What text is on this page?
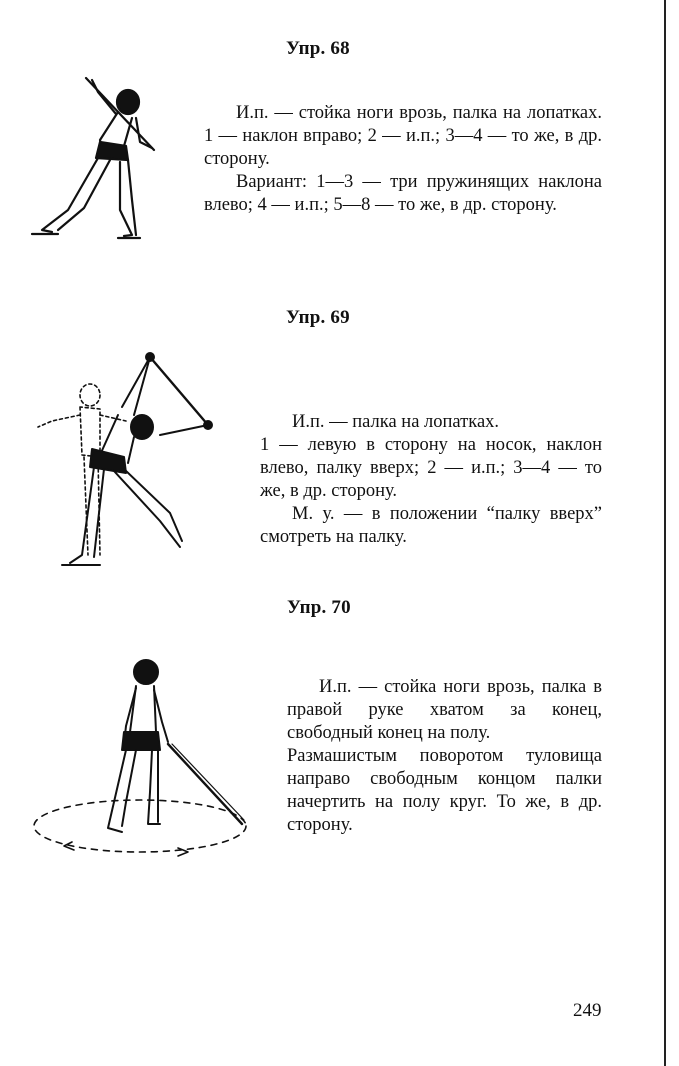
Упр. 68

И.п. — стойка ноги врозь, палка на лопатках. 1 — наклон вправо; 2 — и.п.; 3—4 — то же, в др. сторону.

Вариант: 1—3 — три пружинящих наклона влево; 4 — и.п.; 5—8 — то же, в др. сторону.

Упр. 69

И.п. — палка на лопатках.

1 — левую в сторону на носок, наклон влево, палку вверх; 2 — и.п.; 3—4 — то же, в др. сторону.

М. у. — в положении “палку вверх” смотреть на палку.

Упр. 70

И.п. — стойка ноги врозь, палка в правой руке хватом за конец, свободный конец на полу.

Размашистым поворотом туловища направо свободным концом палки начертить на полу круг. То же, в др. сторону.

249
